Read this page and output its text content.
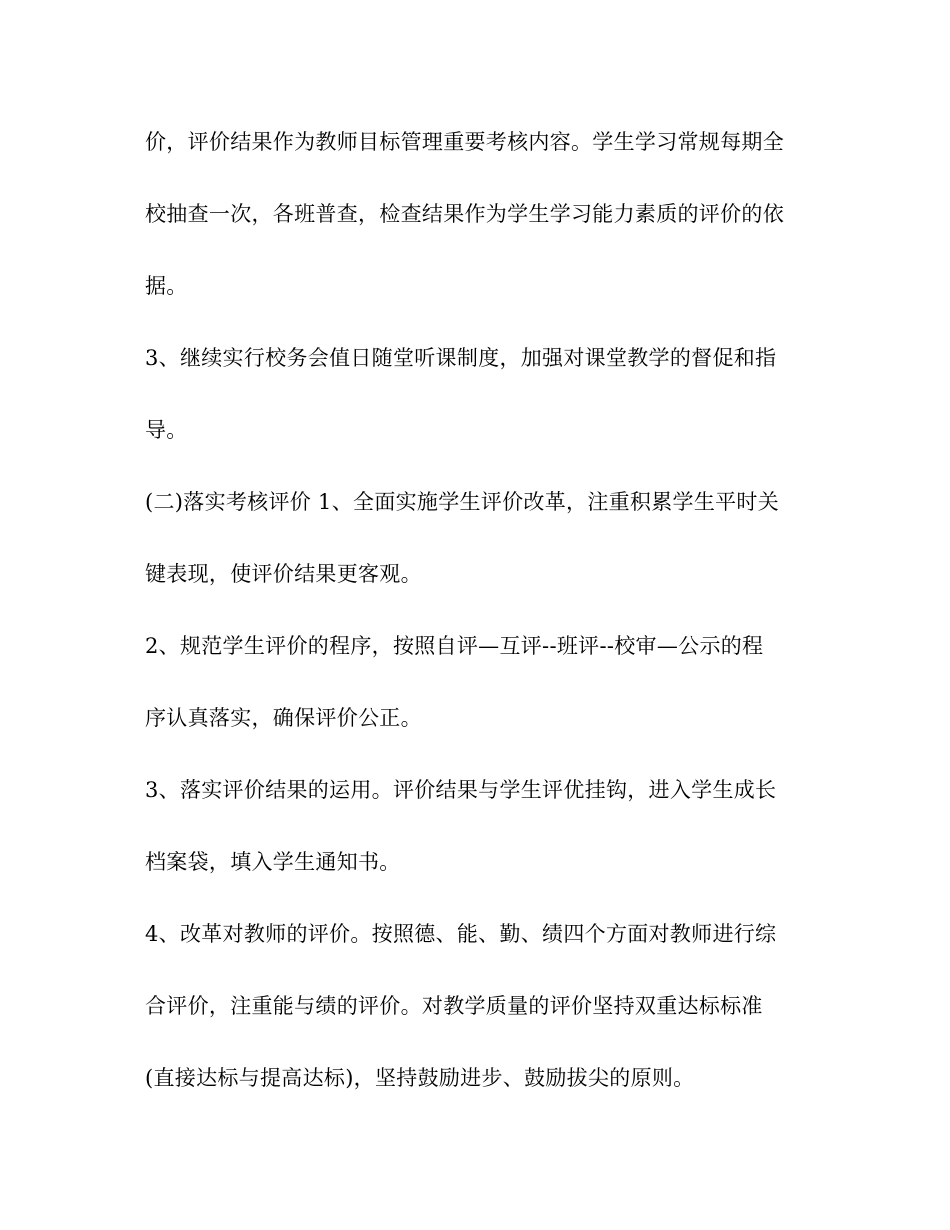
价，评价结果作为教师目标管理重要考核内容。学生学习常规每期全
校抽查一次，各班普查，检查结果作为学生学习能力素质的评价的依
据。
3、继续实行校务会值日随堂听课制度，加强对课堂教学的督促和指
导。
(二)落实考核评价 1、全面实施学生评价改革，注重积累学生平时关
键表现，使评价结果更客观。
2、规范学生评价的程序，按照自评—互评--班评--校审—公示的程
序认真落实，确保评价公正。
3、落实评价结果的运用。评价结果与学生评优挂钩，进入学生成长
档案袋，填入学生通知书。
4、改革对教师的评价。按照德、能、勤、绩四个方面对教师进行综
合评价，注重能与绩的评价。对教学质量的评价坚持双重达标标准
(直接达标与提高达标)，坚持鼓励进步、鼓励拔尖的原则。
